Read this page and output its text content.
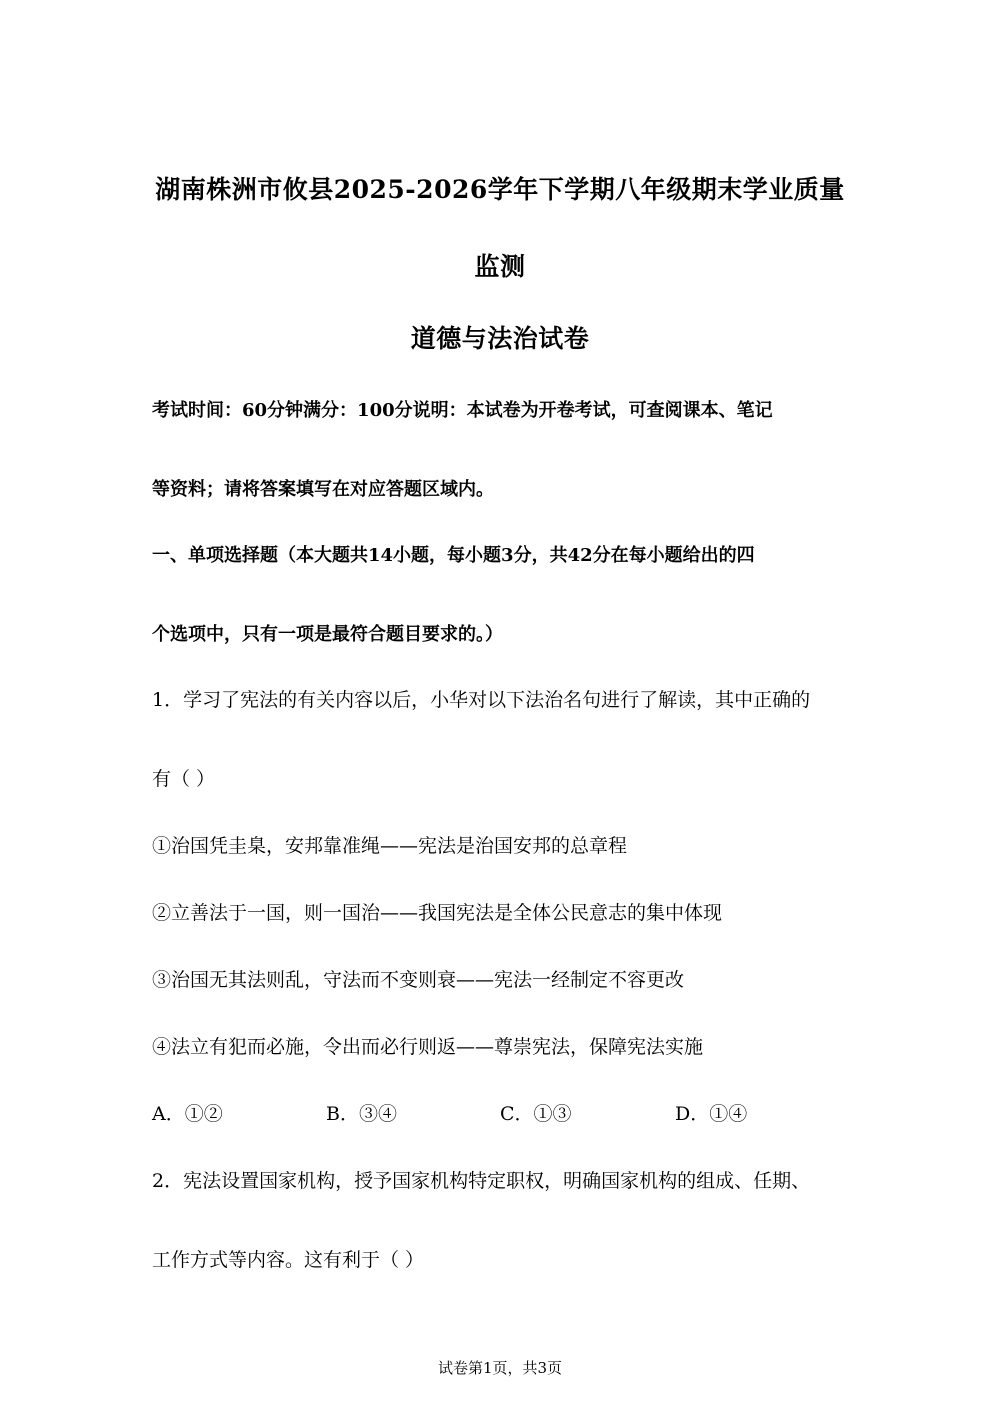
湖南株洲市攸县2025-2026学年下学期八年级期末学业质量
监测
道德与法治试卷
考试时间：60分钟满分：100分说明：本试卷为开卷考试，可查阅课本、笔记
等资料；请将答案填写在对应答题区域内。
一、单项选择题（本大题共14小题，每小题3分，共42分在每小题给出的四
个选项中，只有一项是最符合题目要求的。）
1．学习了宪法的有关内容以后，小华对以下法治名句进行了解读，其中正确的
有（ ）
①治国凭圭臬，安邦靠准绳——宪法是治国安邦的总章程
②立善法于一国，则一国治——我国宪法是全体公民意志的集中体现
③治国无其法则乱，守法而不变则衰——宪法一经制定不容更改
④法立有犯而必施，令出而必行则返——尊崇宪法，保障宪法实施
A．①②	B．③④	C．①③	D．①④
2．宪法设置国家机构，授予国家机构特定职权，明确国家机构的组成、任期、
工作方式等内容。这有利于（ ）
试卷第1页，共3页
